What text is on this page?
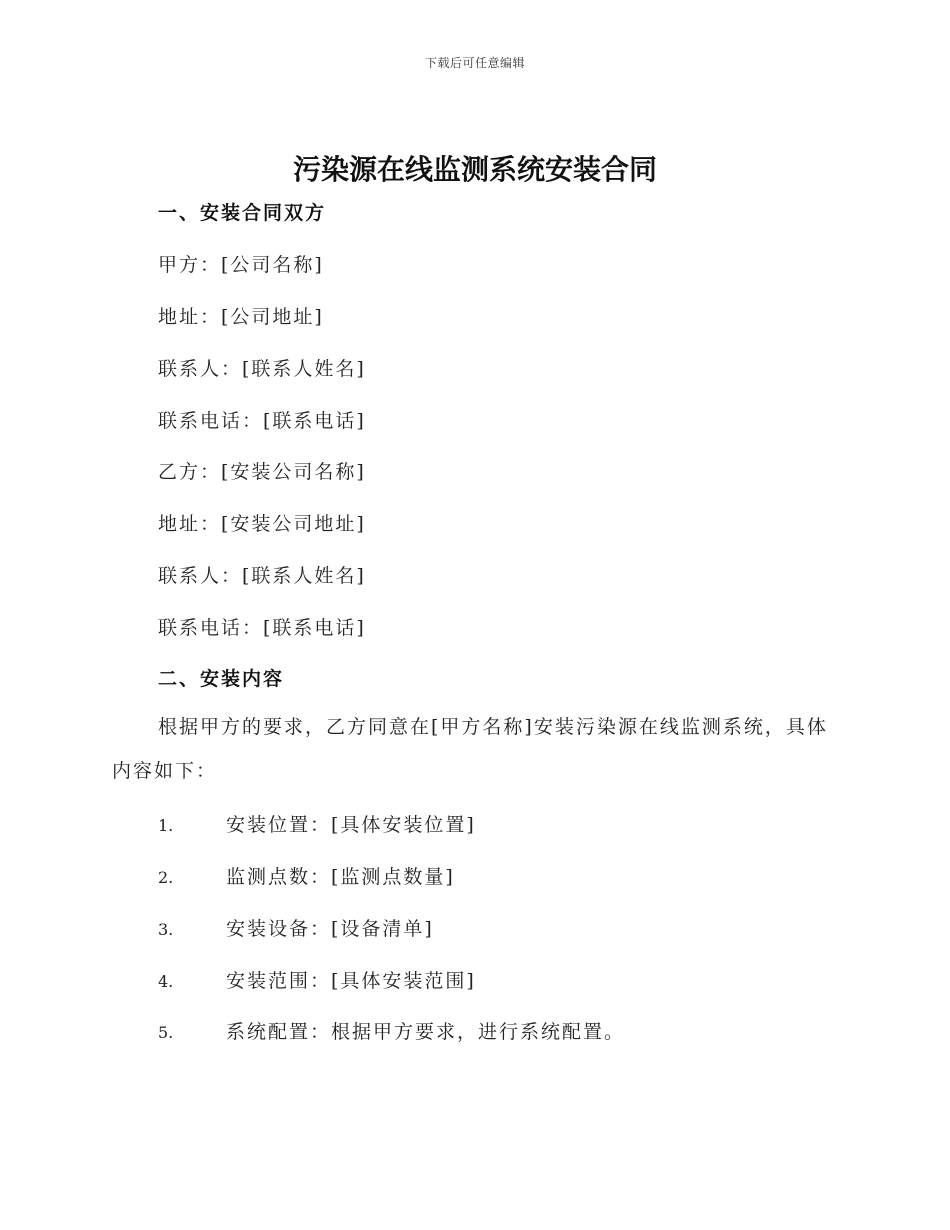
下载后可任意编辑
污染源在线监测系统安装合同
一、安装合同双方

甲方：[公司名称]

地址：[公司地址]

联系人：[联系人姓名]

联系电话：[联系电话]

乙方：[安装公司名称]

地址：[安装公司地址]

联系人：[联系人姓名]

联系电话：[联系电话]

二、安装内容

根据甲方的要求，乙方同意在[甲方名称]安装污染源在线监测系统，具体内容如下：

1.	安装位置：[具体安装位置]
2.	监测点数：[监测点数量]
3.	安装设备：[设备清单]
4.	安装范围：[具体安装范围]
5.	系统配置：根据甲方要求，进行系统配置。
